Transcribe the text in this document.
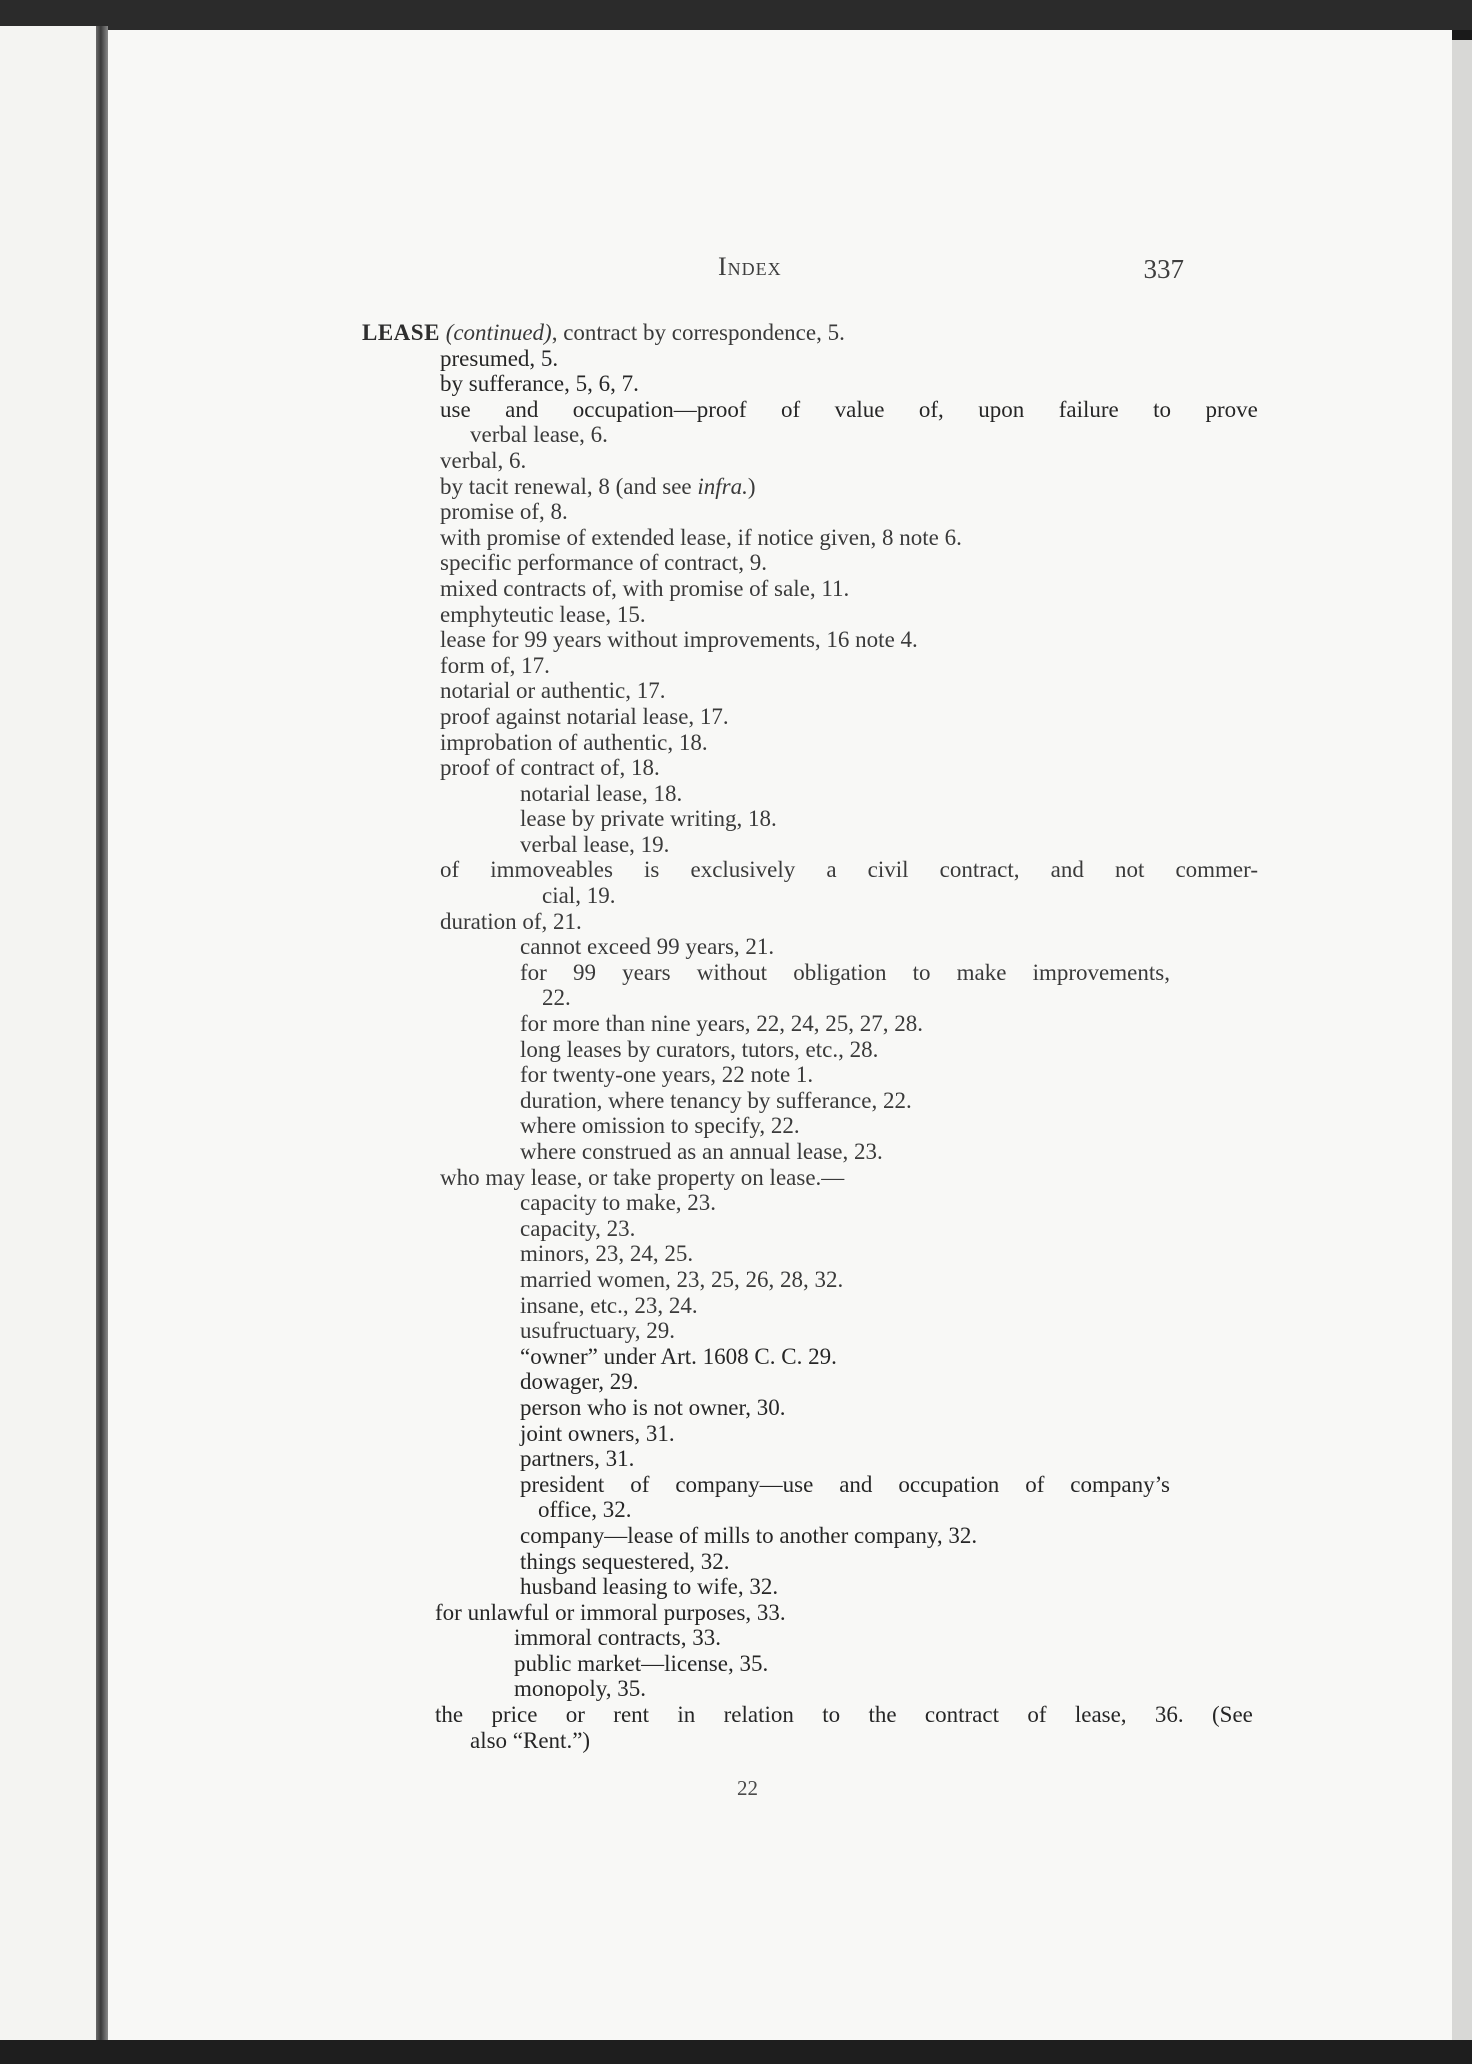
Index	337
LEASE (continued), contract by correspondence, 5.
presumed, 5.
by sufferance, 5, 6, 7.
use and occupation—proof of value of, upon failure to prove
verbal lease, 6.
verbal, 6.
by tacit renewal, 8 (and see infra.)
promise of, 8.
with promise of extended lease, if notice given, 8 note 6.
specific performance of contract, 9.
mixed contracts of, with promise of sale, 11.
emphyteutic lease, 15.
lease for 99 years without improvements, 16 note 4.
form of, 17.
notarial or authentic, 17.
proof against notarial lease, 17.
improbation of authentic, 18.
proof of contract of, 18.
notarial lease, 18.
lease by private writing, 18.
verbal lease, 19.
of immoveables is exclusively a civil contract, and not commer-
cial, 19.
duration of, 21.
cannot exceed 99 years, 21.
for 99 years without obligation to make improvements,
22.
for more than nine years, 22, 24, 25, 27, 28.
long leases by curators, tutors, etc., 28.
for twenty-one years, 22 note 1.
duration, where tenancy by sufferance, 22.
where omission to specify, 22.
where construed as an annual lease, 23.
who may lease, or take property on lease.—
capacity to make, 23.
capacity, 23.
minors, 23, 24, 25.
married women, 23, 25, 26, 28, 32.
insane, etc., 23, 24.
usufructuary, 29.
“owner” under Art. 1608 C. C. 29.
dowager, 29.
person who is not owner, 30.
joint owners, 31.
partners, 31.
president of company—use and occupation of company’s
office, 32.
company—lease of mills to another company, 32.
things sequestered, 32.
husband leasing to wife, 32.
for unlawful or immoral purposes, 33.
immoral contracts, 33.
public market—license, 35.
monopoly, 35.
the price or rent in relation to the contract of lease, 36. (See
also “Rent.”)
22
